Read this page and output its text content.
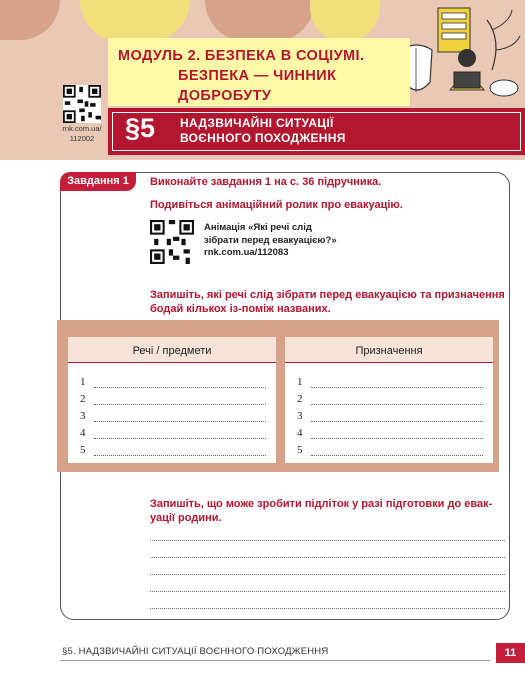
МОДУЛЬ 2. БЕЗПЕКА В СОЦІУМІ.
БЕЗПЕКА — ЧИННИК
ДОБРОБУТУ
rnk.com.ua/
112002	§5 НАДЗВИЧАЙНІ СИТУАЦІЇ
ВОЄННОГО ПОХОДЖЕННЯ
Завдання 1	Виконайте завдання 1 на с. 36 підручника.
Подивіться анімаційний ролик про евакуацію.
Анімація «Які речі слід
зібрати перед евакуацією?»
rnk.com.ua/112083
Запишіть, які речі слід зібрати перед евакуацією та призначення
бодай кількох із-поміж названих.
Речі / предмети
1
2
3
4
5
Призначення
1
2
3
4
5
Запишіть, що може зробити підліток у разі підготовки до евак-
уації родини.
§5. НАДЗВИЧАЙНІ СИТУАЦІЇ ВОЄННОГО ПОХОДЖЕННЯ	11
